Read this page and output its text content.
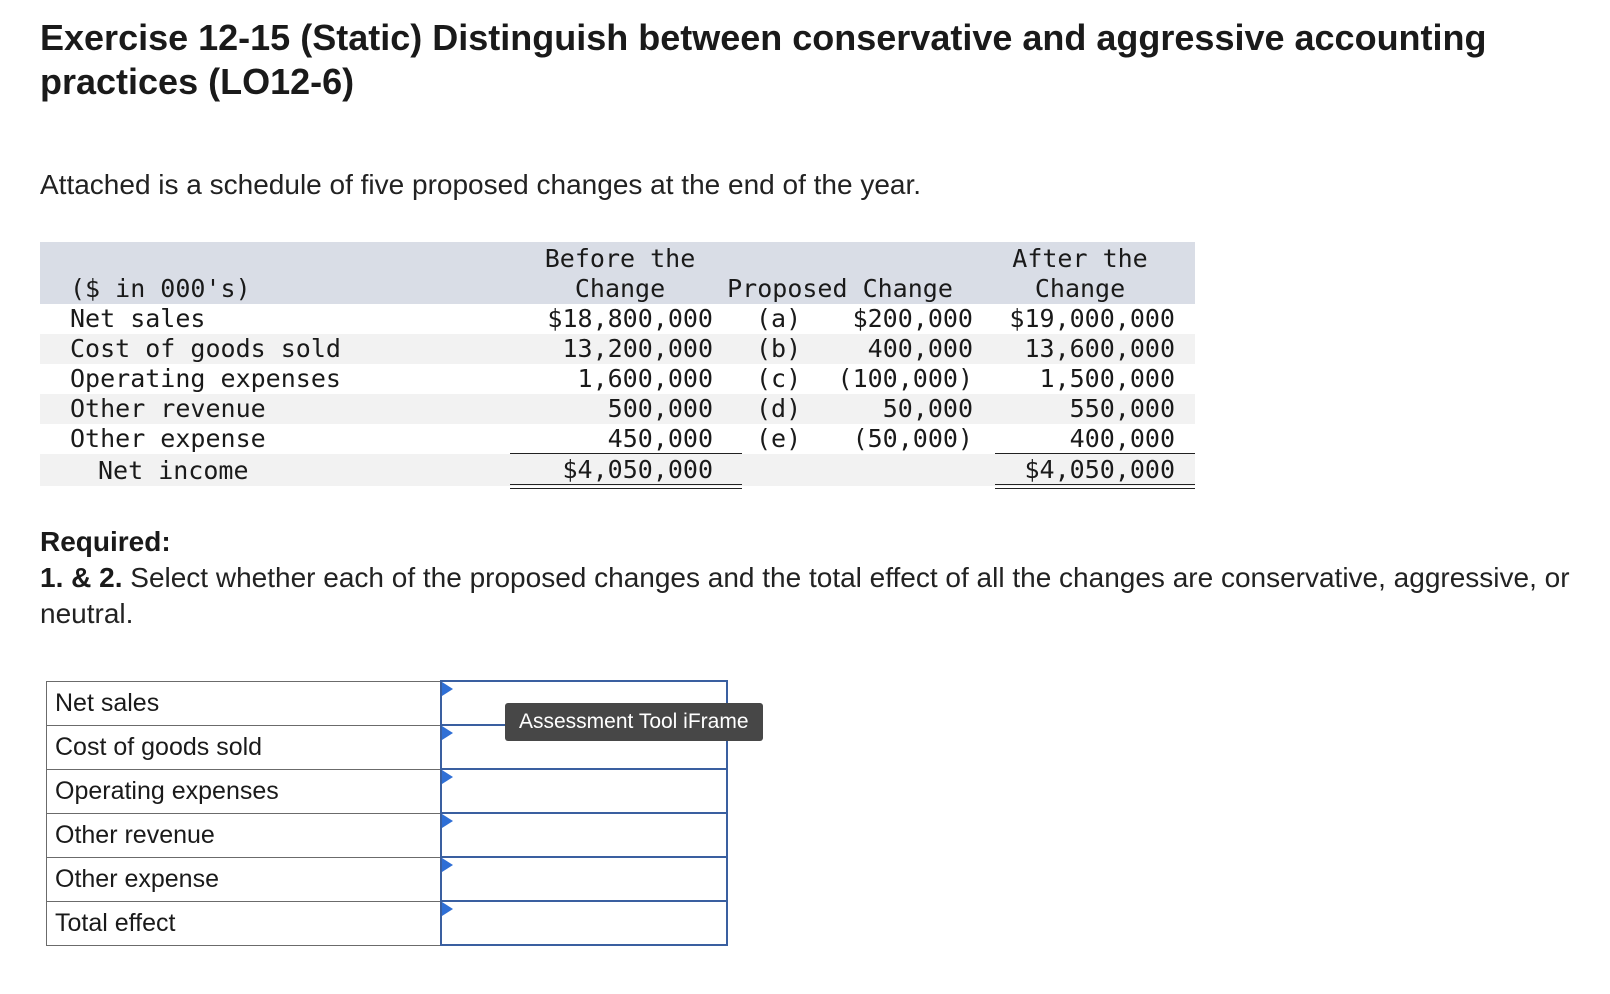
Exercise 12-15 (Static) Distinguish between conservative and aggressive accounting practices (LO12-6)

Attached is a schedule of five proposed changes at the end of the year.

($ in 000's)
Before the
Change	Proposed Change
After the
Change
Net sales	$18,800,000 (a) $200,000 $19,000,000
Cost of goods sold	13,200,000 (b)	400,000 13,600,000
Operating expenses	1,600,000 (c) (100,000)	1,500,000
Other revenue	500,000 (d)	50,000	550,000
Other expense	450,000 (e) (50,000)	400,000
Net income	$4,050,000	$4,050,000

Required:
1. & 2. Select whether each of the proposed changes and the total effect of all the changes are conservative, aggressive, or neutral.

Net sales	

Cost of goods sold	

Operating expenses	

Other revenue	

Other expense	

Total effect	
Assessment Tool iFrame
